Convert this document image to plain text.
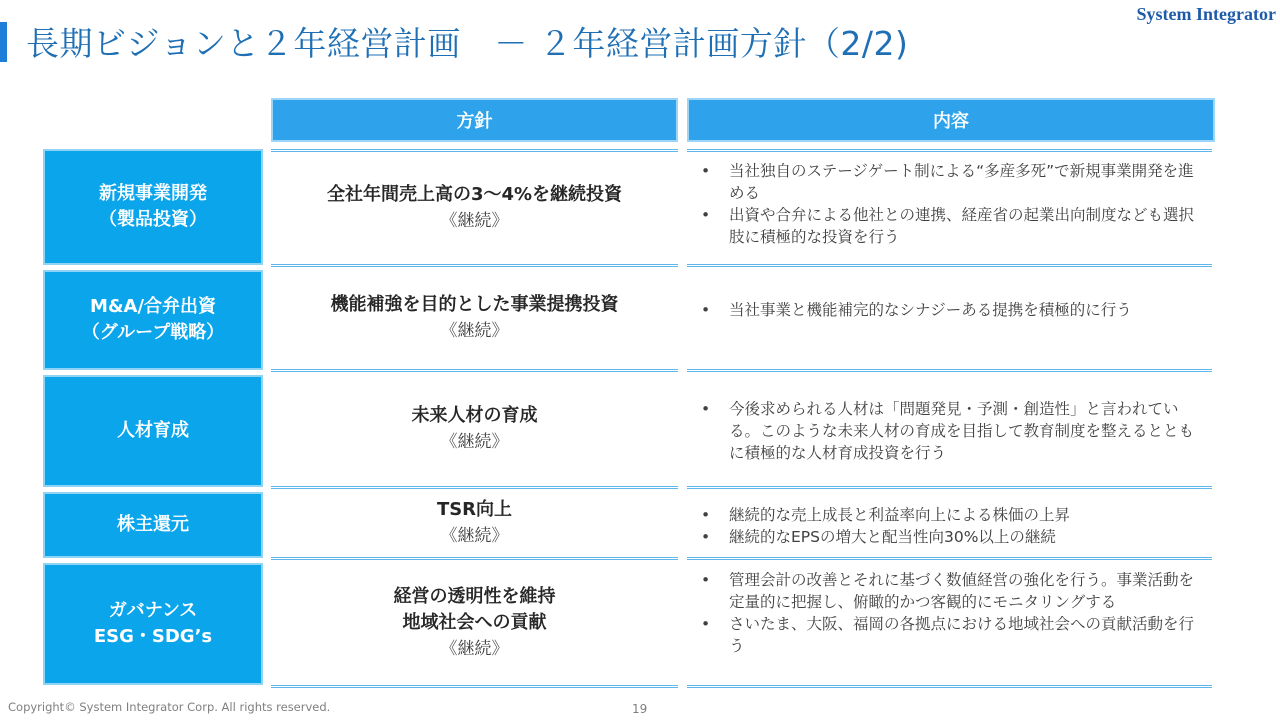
長期ビジョンと２年経営計画　－ ２年経営計画方針（2/2)
System Integrator
方針	内容
新規事業開発
（製品投資）
全社年間売上高の3～4%を継続投資
《継続》
• 当社独自のステージゲート制による“多産多死”で新規事業開発を進める
• 出資や合弁による他社との連携、経産省の起業出向制度なども選択肢に積極的な投資を行う
M&A/合弁出資
（グループ戦略）
機能補強を目的とした事業提携投資
《継続》
• 当社事業と機能補完的なシナジーある提携を積極的に行う
人材育成
未来人材の育成
《継続》
• 今後求められる人材は「問題発見・予測・創造性」と言われている。このような未来人材の育成を目指して教育制度を整えるとともに積極的な人材育成投資を行う
株主還元
TSR向上
《継続》
• 継続的な売上成長と利益率向上による株価の上昇
• 継続的なEPSの増大と配当性向30%以上の継続
ガバナンス
ESG・SDG’s
経営の透明性を維持
地域社会への貢献
《継続》
• 管理会計の改善とそれに基づく数値経営の強化を行う。事業活動を定量的に把握し、俯瞰的かつ客観的にモニタリングする
• さいたま、大阪、福岡の各拠点における地域社会への貢献活動を行う
Copyright© System Integrator Corp. All rights reserved.	19
